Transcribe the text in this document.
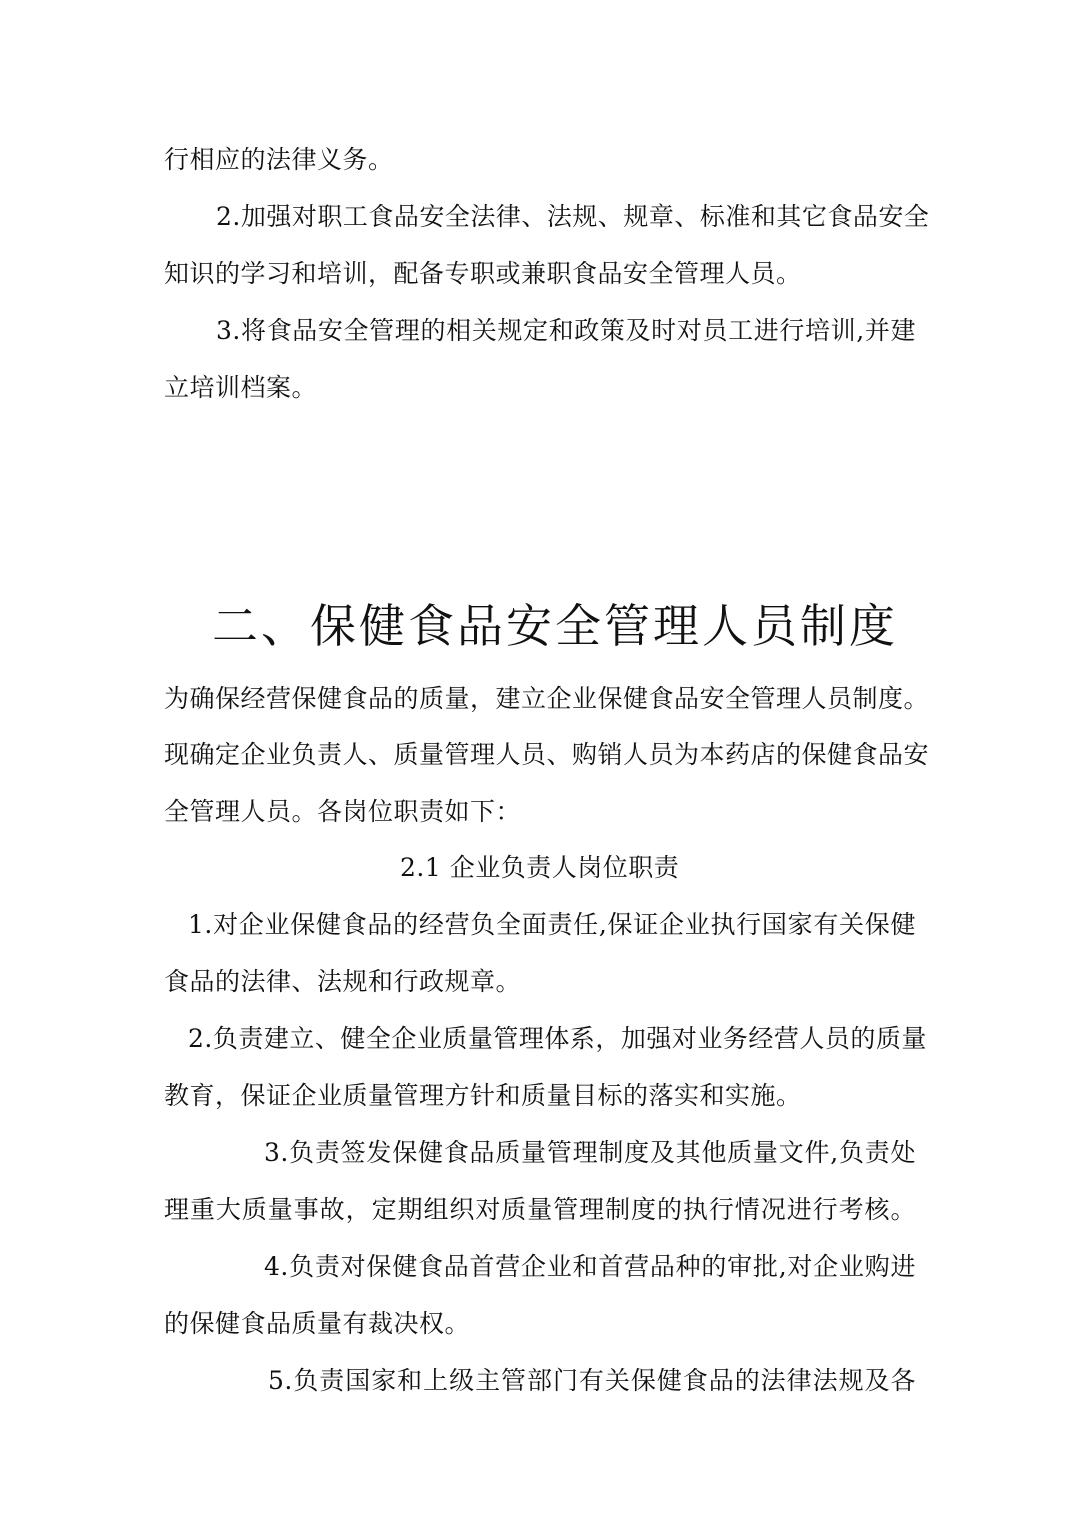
行相应的法律义务。
2.加强对职工食品安全法律、法规、规章、标准和其它食品安全
知识的学习和培训，配备专职或兼职食品安全管理人员。
3.将食品安全管理的相关规定和政策及时对员工进行培训,并建
立培训档案。
二、保健食品安全管理人员制度
为确保经营保健食品的质量，建立企业保健食品安全管理人员制度。
现确定企业负责人、质量管理人员、购销人员为本药店的保健食品安
全管理人员。各岗位职责如下：
2.1 企业负责人岗位职责
1.对企业保健食品的经营负全面责任,保证企业执行国家有关保健
食品的法律、法规和行政规章。
2.负责建立、健全企业质量管理体系，加强对业务经营人员的质量
教育，保证企业质量管理方针和质量目标的落实和实施。
3.负责签发保健食品质量管理制度及其他质量文件,负责处
理重大质量事故，定期组织对质量管理制度的执行情况进行考核。
4.负责对保健食品首营企业和首营品种的审批,对企业购进
的保健食品质量有裁决权。
5.负责国家和上级主管部门有关保健食品的法律法规及各
